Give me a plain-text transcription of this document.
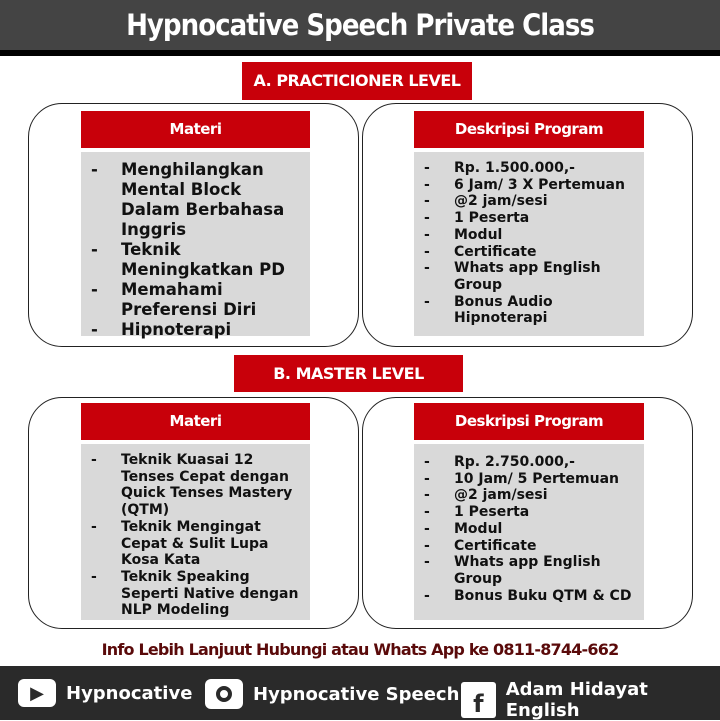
Hypnocative Speech Private Class
A. PRACTICIONER LEVEL
Materi	Deskripsi Program
-	Menghilangkan Mental Block Dalam Berbahasa Inggris
-	Teknik Meningkatkan PD
-	Memahami Preferensi Diri
-	Hipnoterapi
-	Rp. 1.500.000,-
-	6 Jam/ 3 X Pertemuan
-	@2 jam/sesi
-	1 Peserta
-	Modul
-	Certificate
-	Whats app English Group
-	Bonus Audio Hipnoterapi
B. MASTER LEVEL
Materi	Deskripsi Program
-	Teknik Kuasai 12 Tenses Cepat dengan Quick Tenses Mastery (QTM)
-	Teknik Mengingat Cepat & Sulit Lupa Kosa Kata
-	Teknik Speaking Seperti Native dengan NLP Modeling
-	Rp. 2.750.000,-
-	10 Jam/ 5 Pertemuan
-	@2 jam/sesi
-	1 Peserta
-	Modul
-	Certificate
-	Whats app English Group
-	Bonus Buku QTM & CD
Info Lebih Lanjuut Hubungi atau Whats App ke 0811-8744-662
▶	Hypnocative	Hypnocative Speech f
Adam Hidayat English
